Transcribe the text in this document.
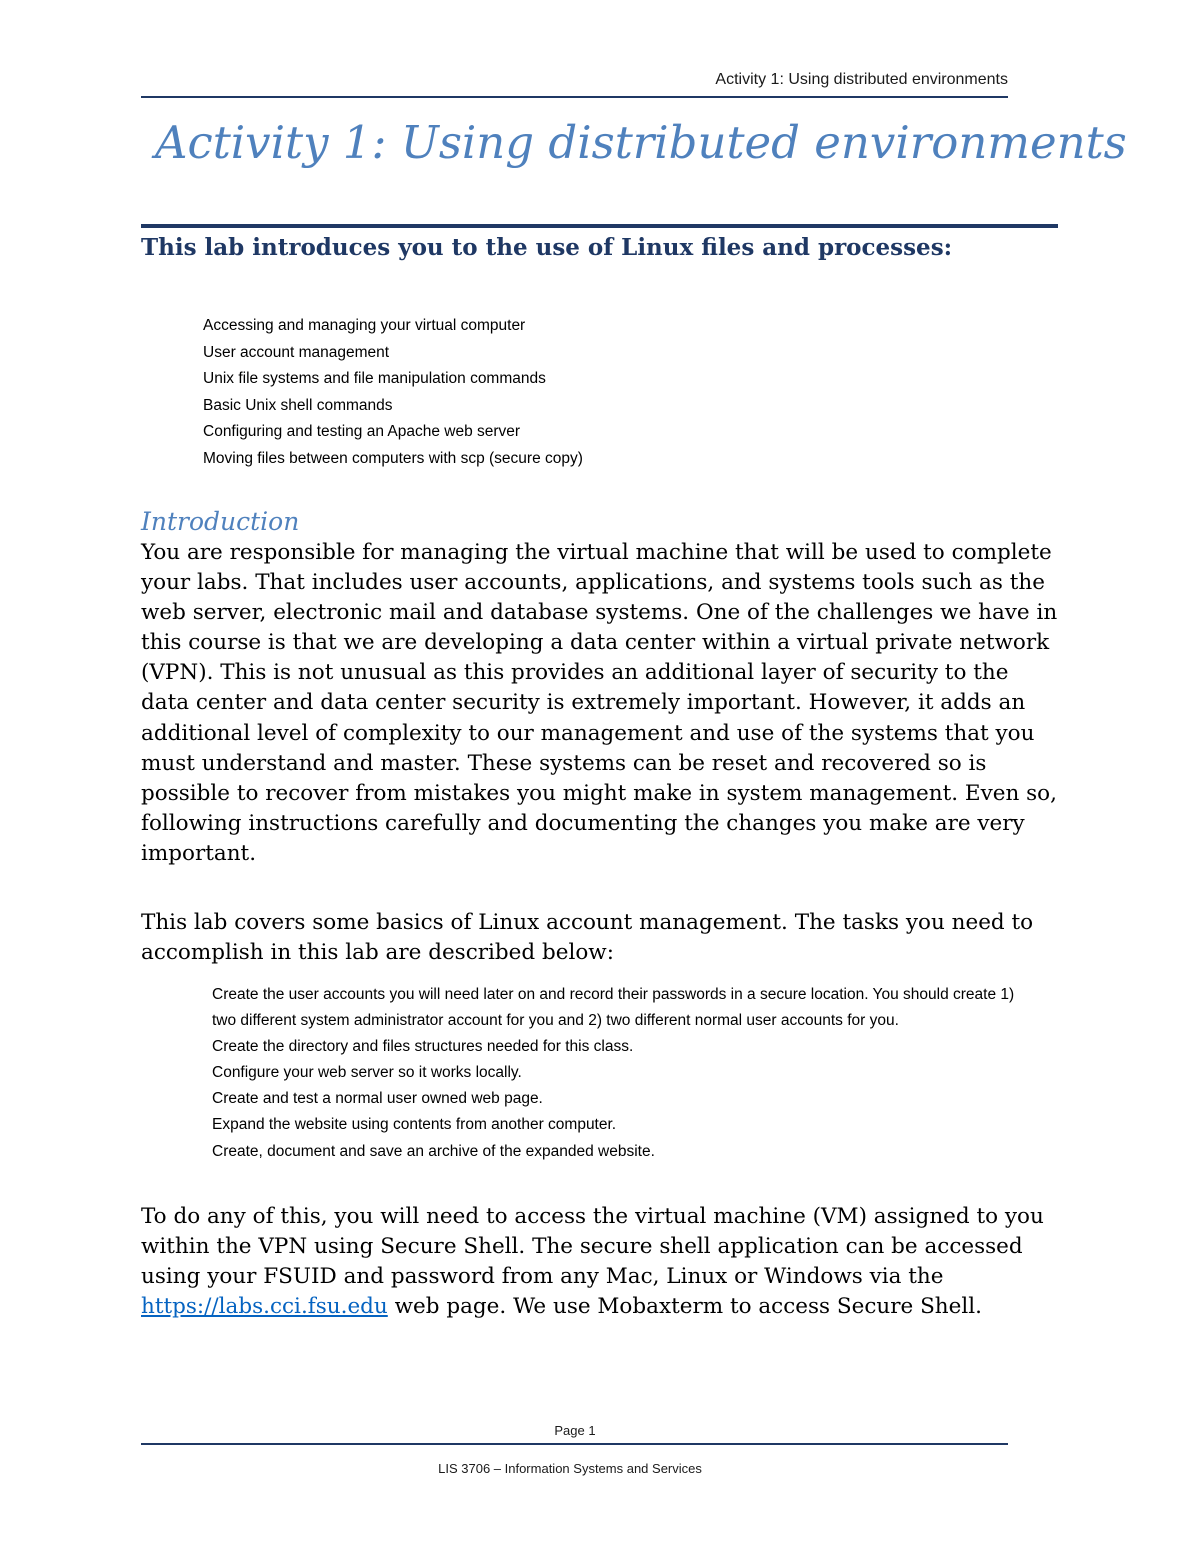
Activity 1: Using distributed environments
Activity 1: Using distributed environments
This lab introduces you to the use of Linux files and processes:
Accessing and managing your virtual computer
User account management
Unix file systems and file manipulation commands
Basic Unix shell commands
Configuring and testing an Apache web server
Moving files between computers with scp (secure copy)
Introduction

You are responsible for managing the virtual machine that will be used to complete your labs. That includes user accounts, applications, and systems tools such as the web server, electronic mail and database systems. One of the challenges we have in this course is that we are developing a data center within a virtual private network (VPN). This is not unusual as this provides an additional layer of security to the data center and data center security is extremely important. However, it adds an additional level of complexity to our management and use of the systems that you must understand and master. These systems can be reset and recovered so is possible to recover from mistakes you might make in system management. Even so, following instructions carefully and documenting the changes you make are very important.

This lab covers some basics of Linux account management. The tasks you need to accomplish in this lab are described below:

Create the user accounts you will need later on and record their passwords in a secure location. You should create 1) two different system administrator account for you and 2) two different normal user accounts for you.
Create the directory and files structures needed for this class.
Configure your web server so it works locally.
Create and test a normal user owned web page.
Expand the website using contents from another computer.
Create, document and save an archive of the expanded website.

To do any of this, you will need to access the virtual machine (VM) assigned to you within the VPN using Secure Shell. The secure shell application can be accessed using your FSUID and password from any Mac, Linux or Windows via the https://labs.cci.fsu.edu web page. We use Mobaxterm to access Secure Shell.

Page 1
LIS 3706 – Information Systems and Services
